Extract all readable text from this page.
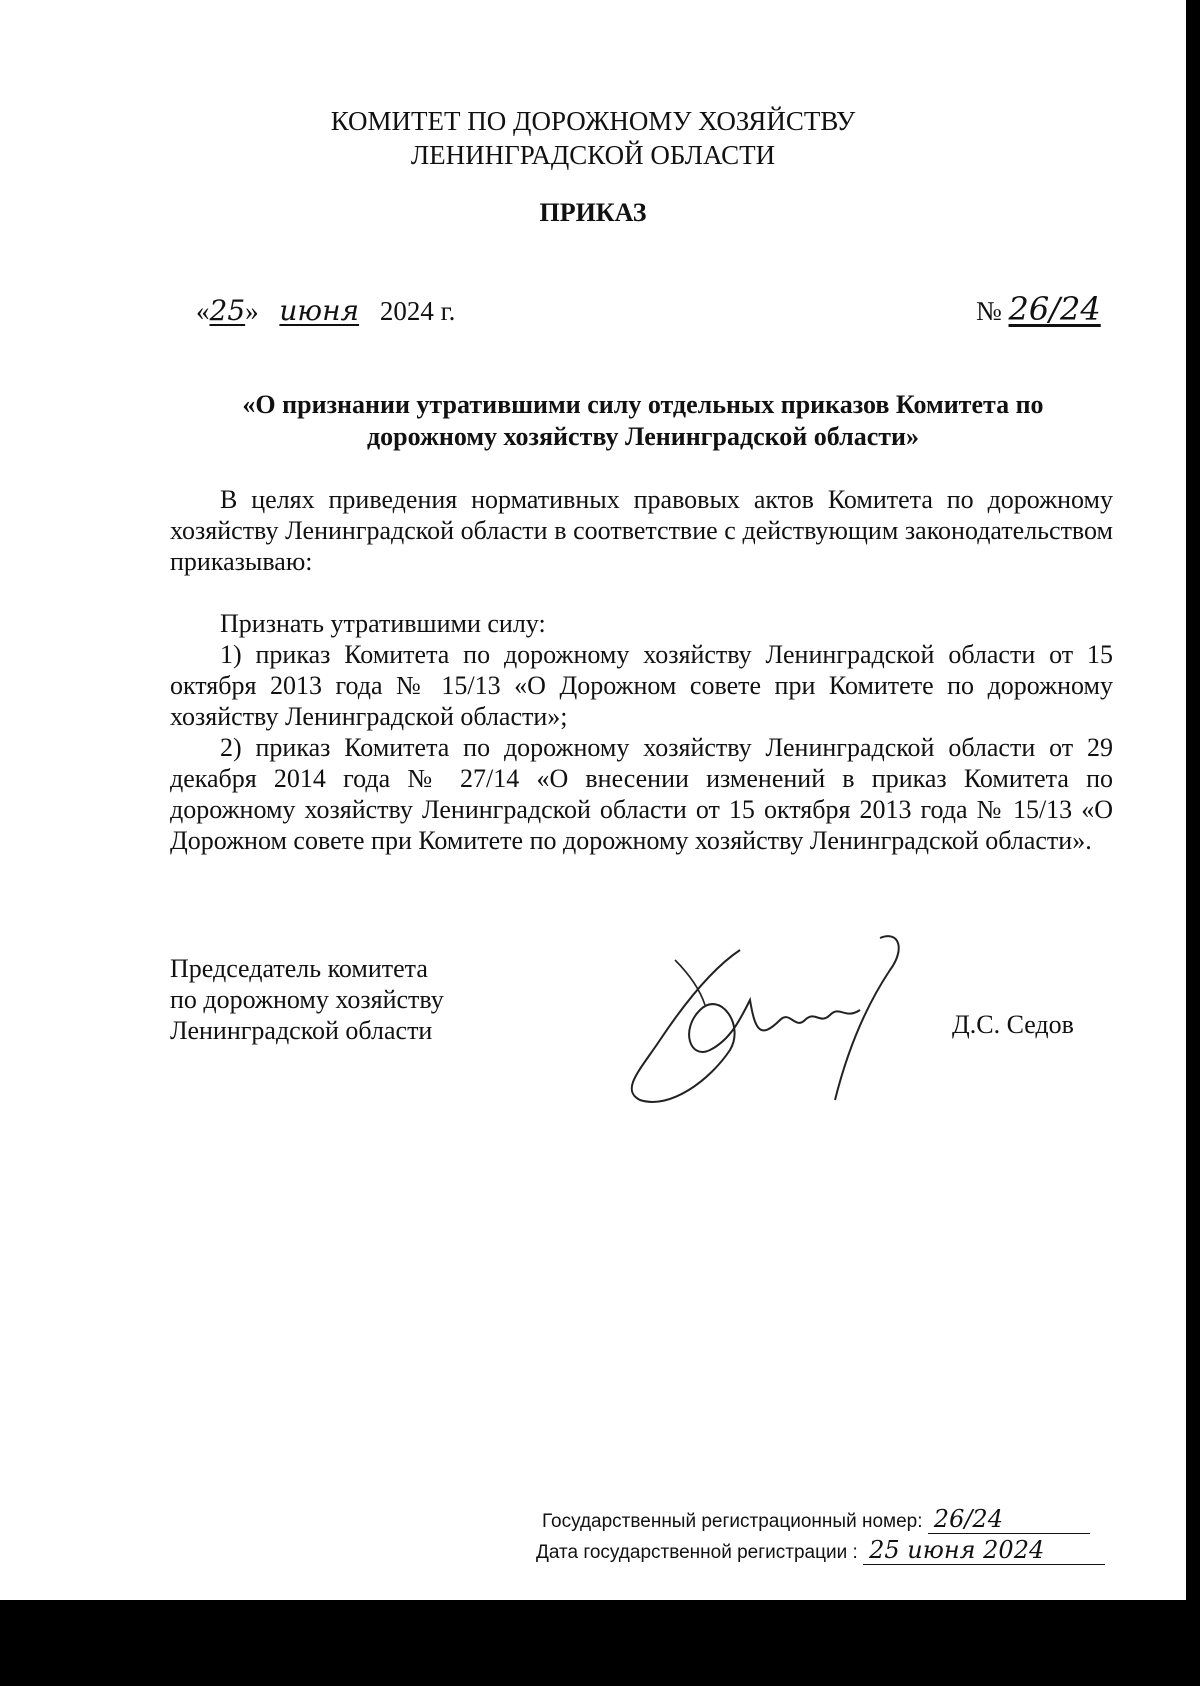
КОМИТЕТ ПО ДОРОЖНОМУ ХОЗЯЙСТВУ
ЛЕНИНГРАДСКОЙ ОБЛАСТИ
ПРИКАЗ
«25» июня 2024 г.	№ 26/24
«О признании утратившими силу отдельных приказов Комитета по
дорожному хозяйству Ленинградской области»
В целях приведения нормативных правовых актов Комитета по дорожному хозяйству Ленинградской области в соответствие с действующим законодательством приказываю:
Признать утратившими силу:
1) приказ Комитета по дорожному хозяйству Ленинградской области от 15 октября 2013 года № 15/13 «О Дорожном совете при Комитете по дорожному хозяйству Ленинградской области»;
2) приказ Комитета по дорожному хозяйству Ленинградской области от 29 декабря 2014 года № 27/14 «О внесении изменений в приказ Комитета по дорожному хозяйству Ленинградской области от 15 октября 2013 года № 15/13 «О Дорожном совете при Комитете по дорожному хозяйству Ленинградской области».
Председатель комитета
по дорожному хозяйству
Ленинградской области	Д.С. Седов
Государственный регистрационный номер: 26/24
Дата государственной регистрации : 25 июня 2024
